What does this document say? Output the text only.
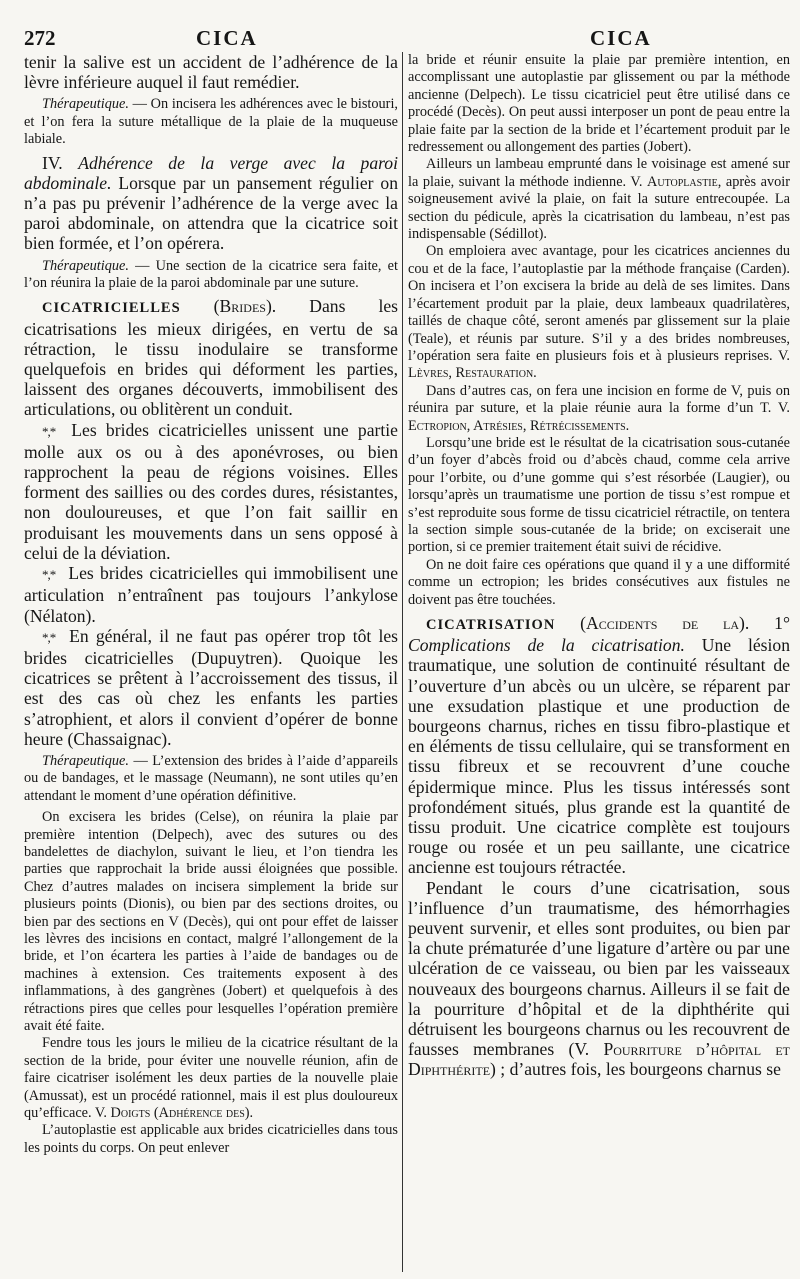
272	CICA	CICA

tenir la salive est un accident de l’adhérence de la lèvre inférieure auquel il faut remédier.

Thérapeutique. — On incisera les adhérences avec le bistouri, et l’on fera la suture métallique de la plaie de la muqueuse labiale.

IV. Adhérence de la verge avec la paroi abdominale. Lorsque par un pansement régulier on n’a pas pu prévenir l’adhérence de la verge avec la paroi abdominale, on attendra que la cicatrice soit bien formée, et l’on opérera.

Thérapeutique. — Une section de la cicatrice sera faite, et l’on réunira la plaie de la paroi abdominale par une suture.

CICATRICIELLES (Brides). Dans les cicatrisations les mieux dirigées, en vertu de sa rétraction, le tissu inodulaire se transforme quelquefois en brides qui déforment les parties, laissent des organes découverts, immobilisent des articulations, ou oblitèrent un conduit.

*,* Les brides cicatricielles unissent une partie molle aux os ou à des aponévroses, ou bien rapprochent la peau de régions voisines. Elles forment des saillies ou des cordes dures, résistantes, non douloureuses, et que l’on fait saillir en produisant les mouvements dans un sens opposé à celui de la déviation.

*,* Les brides cicatricielles qui immobilisent une articulation n’entraînent pas toujours l’ankylose (Nélaton).

*,* En général, il ne faut pas opérer trop tôt les brides cicatricielles (Dupuytren). Quoique les cicatrices se prêtent à l’accroissement des tissus, il est des cas où chez les enfants les parties s’atrophient, et alors il convient d’opérer de bonne heure (Chassaignac).

Thérapeutique. — L’extension des brides à l’aide d’appareils ou de bandages, et le massage (Neumann), ne sont utiles qu’en attendant le moment d’une opération définitive.

On excisera les brides (Celse), on réunira la plaie par première intention (Delpech), avec des sutures ou des bandelettes de diachylon, suivant le lieu, et l’on tiendra les parties que rapprochait la bride aussi éloignées que possible. Chez d’autres malades on incisera simplement la bride sur plusieurs points (Dionis), ou bien par des sections droites, ou bien par des sections en V (Decès), qui ont pour effet de laisser les lèvres des incisions en contact, malgré l’allongement de la bride, et l’on écartera les parties à l’aide de bandages ou de machines à extension. Ces traitements exposent à des inflammations, à des gangrènes (Jobert) et quelquefois à des rétractions pires que celles pour lesquelles l’opération première avait été faite.

Fendre tous les jours le milieu de la cicatrice résultant de la section de la bride, pour éviter une nouvelle réunion, afin de faire cicatriser isolément les deux parties de la nouvelle plaie (Amussat), est un procédé rationnel, mais il est plus douloureux qu’efficace. V. Doigts (Adhérence des).

L’autoplastie est applicable aux brides cicatricielles dans tous les points du corps. On peut enlever

la bride et réunir ensuite la plaie par première intention, en accomplissant une autoplastie par glissement ou par la méthode ancienne (Delpech). Le tissu cicatriciel peut être utilisé dans ce procédé (Decès). On peut aussi interposer un pont de peau entre la plaie faite par la section de la bride et l’écartement produit par le redressement ou allongement des parties (Jobert).

Ailleurs un lambeau emprunté dans le voisinage est amené sur la plaie, suivant la méthode indienne. V. Autoplastie, après avoir soigneusement avivé la plaie, on fait la suture entrecoupée. La section du pédicule, après la cicatrisation du lambeau, n’est pas indispensable (Sédillot).

On emploiera avec avantage, pour les cicatrices anciennes du cou et de la face, l’autoplastie par la méthode française (Carden). On incisera et l’on excisera la bride au delà de ses limites. Dans l’écartement produit par la plaie, deux lambeaux quadrilatères, taillés de chaque côté, seront amenés par glissement sur la plaie (Teale), et réunis par suture. S’il y a des brides nombreuses, l’opération sera faite en plusieurs fois et à plusieurs reprises. V. Lèvres, Restauration.

Dans d’autres cas, on fera une incision en forme de V, puis on réunira par suture, et la plaie réunie aura la forme d’un T. V. Ectropion, Atrésies, Rétrécissements.

Lorsqu’une bride est le résultat de la cicatrisation sous-cutanée d’un foyer d’abcès froid ou d’abcès chaud, comme cela arrive pour l’orbite, ou d’une gomme qui s’est résorbée (Laugier), ou lorsqu’après un traumatisme une portion de tissu s’est rompue et s’est reproduite sous forme de tissu cicatriciel rétractile, on tentera la section simple sous-cutanée de la bride; on exciserait une portion, si ce premier traitement était suivi de récidive.

On ne doit faire ces opérations que quand il y a une difformité comme un ectropion; les brides consécutives aux fistules ne doivent pas être touchées.

CICATRISATION (Accidents de la). 1° Complications de la cicatrisation. Une lésion traumatique, une solution de continuité résultant de l’ouverture d’un abcès ou un ulcère, se réparent par une exsudation plastique et une production de bourgeons charnus, riches en tissu fibro-plastique et en éléments de tissu cellulaire, qui se transforment en tissu fibreux et se recouvrent d’une couche épidermique mince. Plus les tissus intéressés sont profondément situés, plus grande est la quantité de tissu produit. Une cicatrice complète est toujours rouge ou rosée et un peu saillante, une cicatrice ancienne est toujours rétractée.

Pendant le cours d’une cicatrisation, sous l’influence d’un traumatisme, des hémorrhagies peuvent survenir, et elles sont produites, ou bien par la chute prématurée d’une ligature d’artère ou par une ulcération de ce vaisseau, ou bien par les vaisseaux nouveaux des bourgeons charnus. Ailleurs il se fait de la pourriture d’hôpital et de la diphthérite qui détruisent les bourgeons charnus ou les recouvrent de fausses membranes (V. Pourriture d’hôpital et Diphthérite) ; d’autres fois, les bourgeons charnus se
